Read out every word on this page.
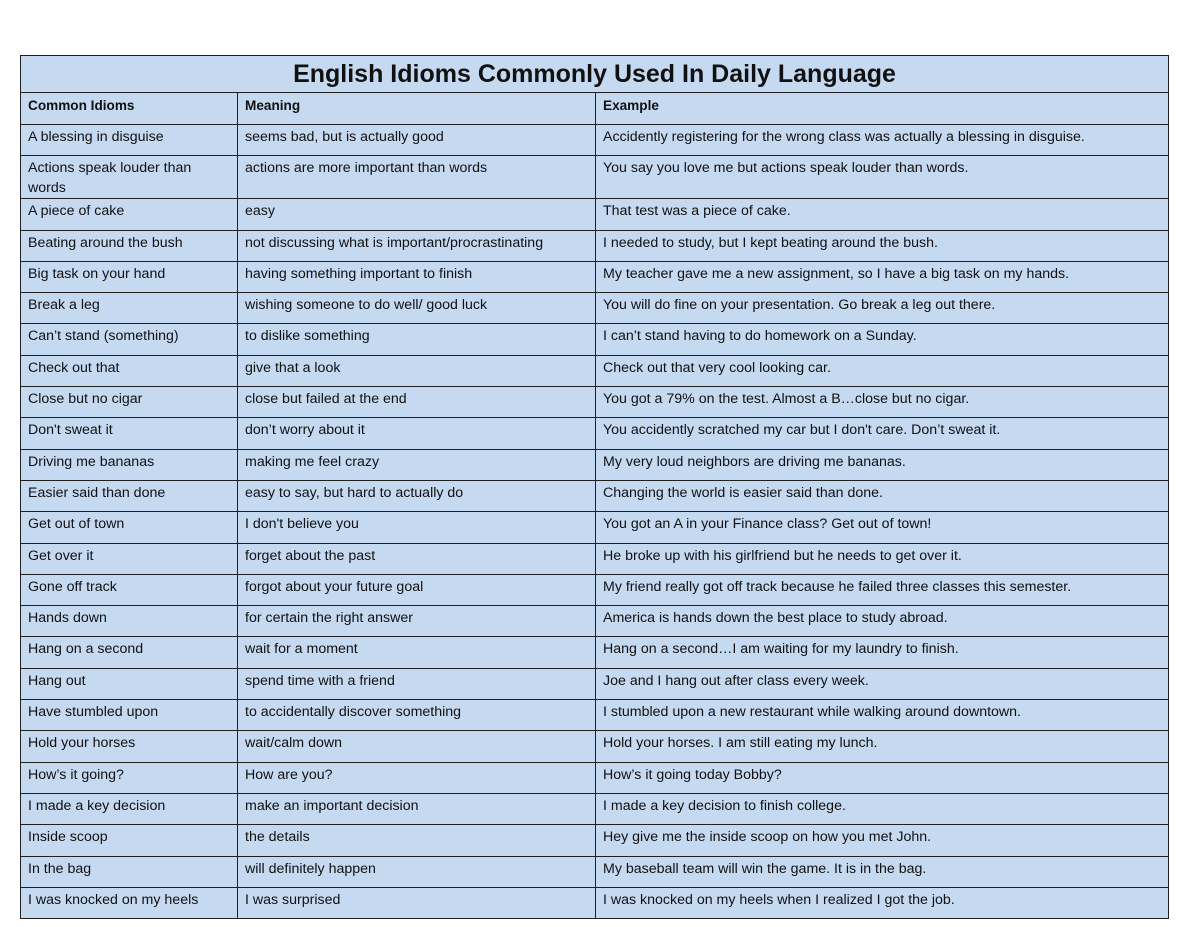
English Idioms Commonly Used In Daily Language		
Common Idioms	Meaning	Example
A blessing in disguise	seems bad, but is actually good	Accidently registering for the wrong class was actually a blessing in disguise.
Actions speak louder than words	actions are more important than words	You say you love me but actions speak louder than words.
A piece of cake	easy	That test was a piece of cake.
Beating around the bush	not discussing what is important/procrastinating	I needed to study, but I kept beating around the bush.
Big task on your hand	having something important to finish	My teacher gave me a new assignment, so I have a big task on my hands.
Break a leg	wishing someone to do well/ good luck	You will do fine on your presentation. Go break a leg out there.
Can’t stand (something)	to dislike something	I can’t stand having to do homework on a Sunday.
Check out that	give that a look	Check out that very cool looking car.
Close but no cigar	close but failed at the end	You got a 79% on the test. Almost a B…close but no cigar.
Don't sweat it	don’t worry about it	You accidently scratched my car but I don't care. Don’t sweat it.
Driving me bananas	making me feel crazy	My very loud neighbors are driving me bananas.
Easier said than done	easy to say, but hard to actually do	Changing the world is easier said than done.
Get out of town	I don't believe you	You got an A in your Finance class? Get out of town!
Get over it	forget about the past	He broke up with his girlfriend but he needs to get over it.
Gone off track	forgot about your future goal	My friend really got off track because he failed three classes this semester.
Hands down	for certain the right answer	America is hands down the best place to study abroad.
Hang on a second	wait for a moment	Hang on a second…I am waiting for my laundry to finish.
Hang out	spend time with a friend	Joe and I hang out after class every week.
Have stumbled upon	to accidentally discover something	I stumbled upon a new restaurant while walking around downtown.
Hold your horses	wait/calm down	Hold your horses. I am still eating my lunch.
How’s it going?	How are you?	How’s it going today Bobby?
I made a key decision	make an important decision	I made a key decision to finish college.
Inside scoop	the details	Hey give me the inside scoop on how you met John.
In the bag	will definitely happen	My baseball team will win the game. It is in the bag.
I was knocked on my heels	I was surprised	I was knocked on my heels when I realized I got the job.
